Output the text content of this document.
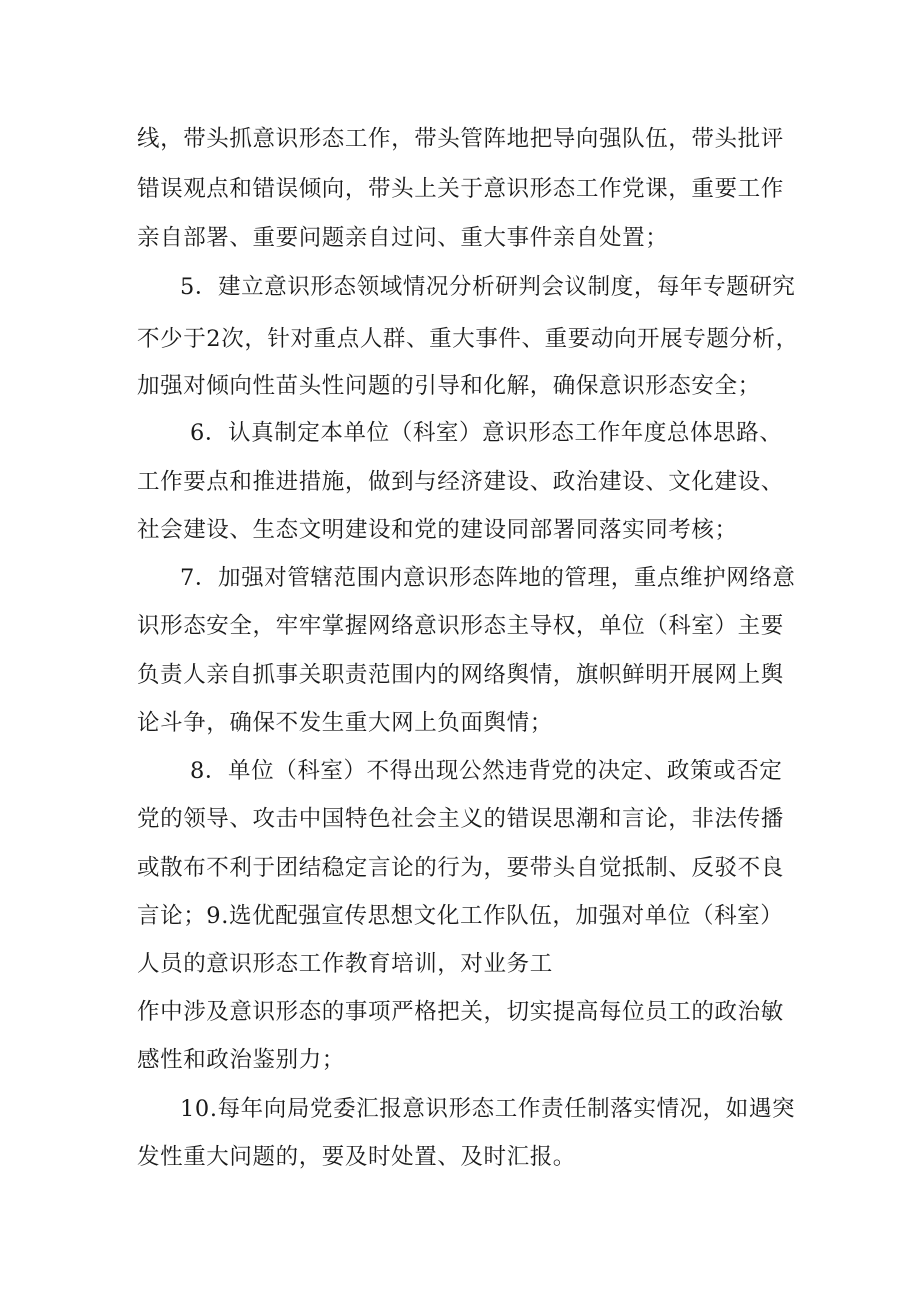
线，带头抓意识形态工作，带头管阵地把导向强队伍，带头批评
错误观点和错误倾向，带头上关于意识形态工作党课，重要工作
亲自部署、重要问题亲自过问、重大事件亲自处置；
5．建立意识形态领域情况分析研判会议制度，每年专题研究
不少于2次，针对重点人群、重大事件、重要动向开展专题分析，
加强对倾向性苗头性问题的引导和化解，确保意识形态安全；
6．认真制定本单位（科室）意识形态工作年度总体思路、
工作要点和推进措施，做到与经济建设、政治建设、文化建设、
社会建设、生态文明建设和党的建设同部署同落实同考核；
7．加强对管辖范围内意识形态阵地的管理，重点维护网络意
识形态安全，牢牢掌握网络意识形态主导权，单位（科室）主要
负责人亲自抓事关职责范围内的网络舆情，旗帜鲜明开展网上舆
论斗争，确保不发生重大网上负面舆情；
8．单位（科室）不得出现公然违背党的决定、政策或否定
党的领导、攻击中国特色社会主义的错误思潮和言论，非法传播
或散布不利于团结稳定言论的行为，要带头自觉抵制、反驳不良
言论；9.选优配强宣传思想文化工作队伍，加强对单位（科室）
人员的意识形态工作教育培训，对业务工
作中涉及意识形态的事项严格把关，切实提高每位员工的政治敏
感性和政治鉴别力；
10.每年向局党委汇报意识形态工作责任制落实情况，如遇突
发性重大问题的，要及时处置、及时汇报。
